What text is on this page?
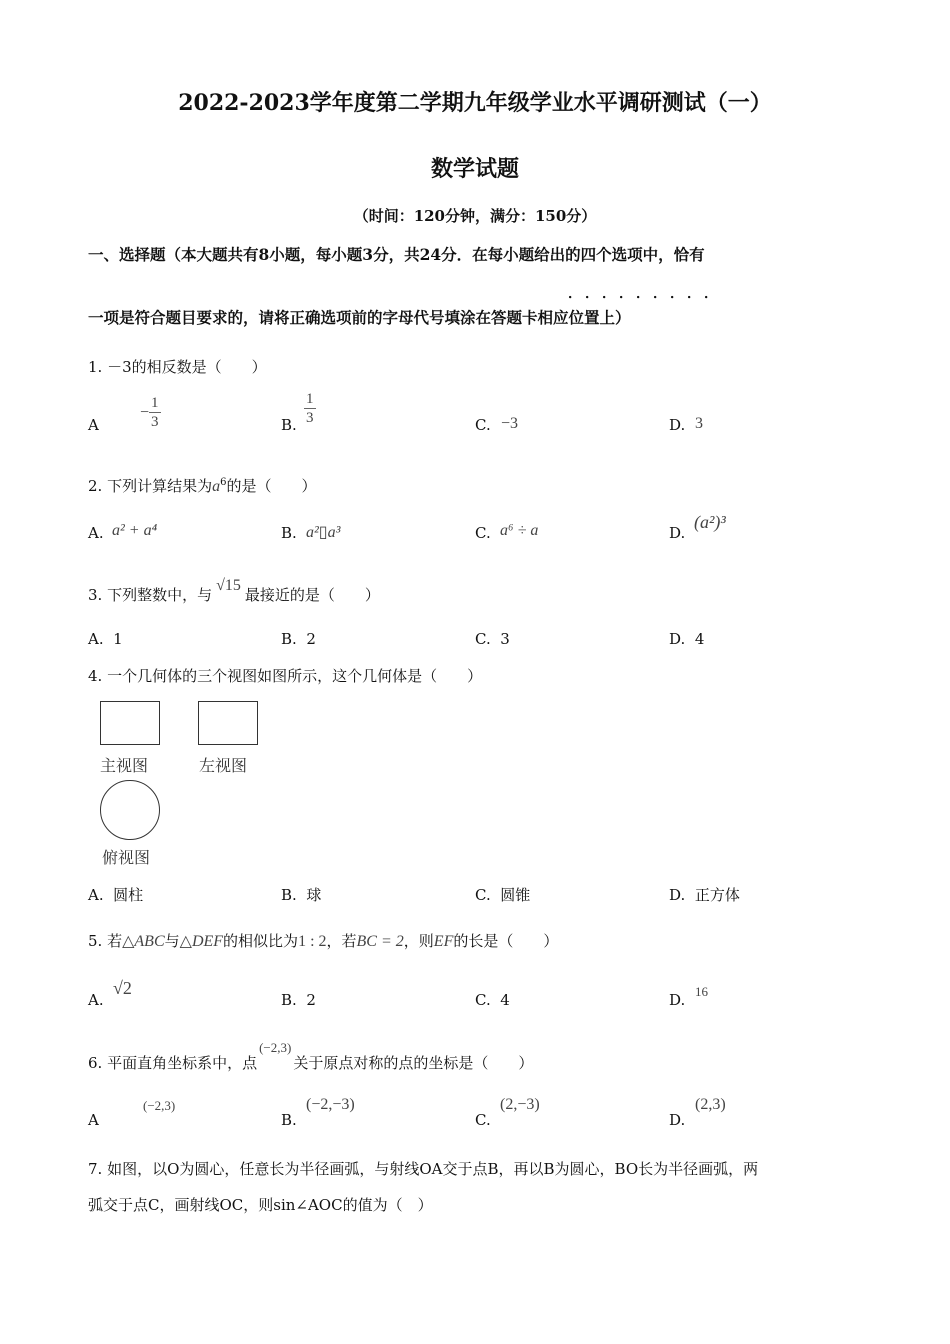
2022-2023学年度第二学期九年级学业水平调研测试（一）
数学试题
（时间：120分钟，满分：150分）
一、选择题（本大题共有8小题，每小题3分，共24分．在每小题给出的四个选项中，恰有
．．．．．．．．．
一项是符合题目要求的，请将正确选项前的字母代号填涂在答题卡相应位置上）
1. －3的相反数是（　　）
A
− $\frac{1}{3}$	B. $\frac{1}{3}$	C. −3	D. 3
2. 下列计算结果为$a^6$的是（　　）
A. a² + a⁴	B. a²▯a³	C. a⁶ ÷ a	D.
(a²)³
3. 下列整数中，与√15最接近的是（　　）
A. 1	B. 2	C. 3	D. 4
4. 一个几何体的三个视图如图所示，这个几何体是（　　）
主视图	左视图
俯视图
A. 圆柱	B. 球	C. 圆锥	D. 正方体
5. 若△ABC与△DEF的相似比为1 : 2，若BC = 2，则EF的长是（　　）
A.
√2
B. 2	C. 4	D. 16
6. 平面直角坐标系中，点(−2,3)关于原点对称的点的坐标是（　　）
A
(−2,3)
B.
(−2,−3)
C.
(2,−3)
D.
(2,3)
7. 如图，以O为圆心，任意长为半径画弧，与射线OA交于点B，再以B为圆心，BO长为半径画弧，两
弧交于点C，画射线OC，则sin∠AOC的值为（　）
